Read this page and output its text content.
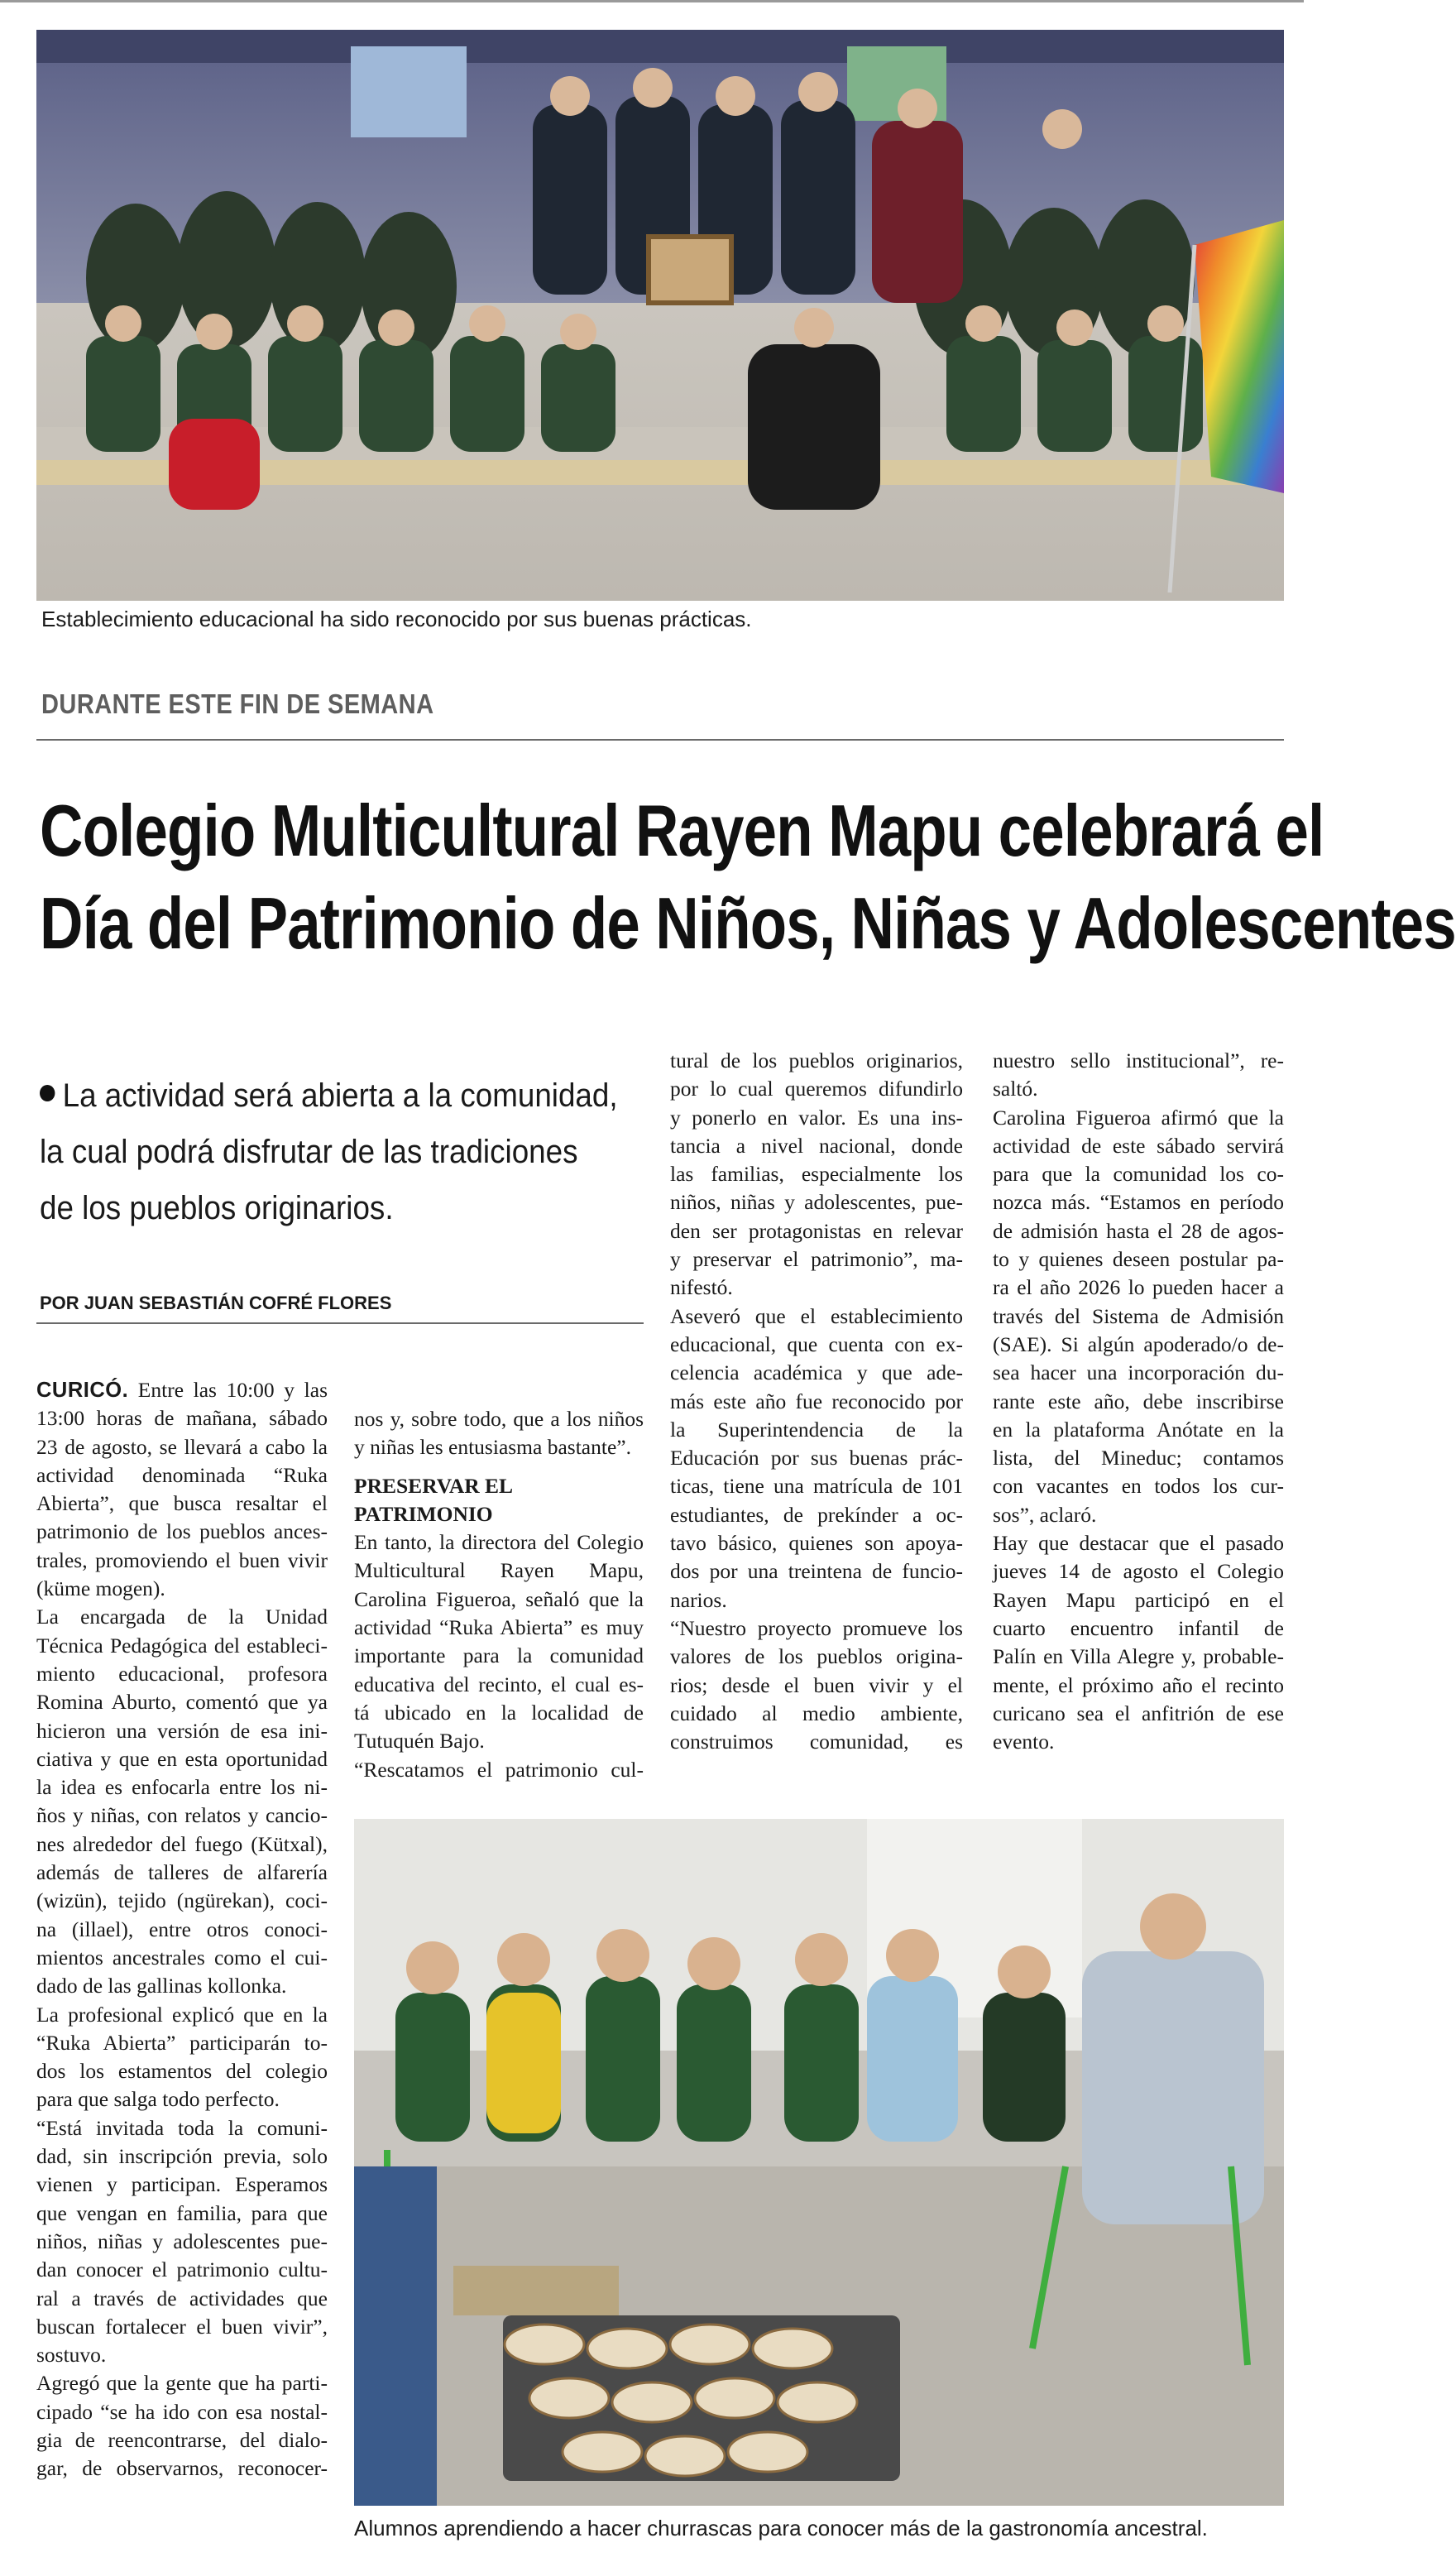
Establecimiento educacional ha sido reconocido por sus buenas prácticas.
DURANTE ESTE FIN DE SEMANA
Colegio Multicultural Rayen Mapu celebrará el
Día del Patrimonio de Niños, Niñas y Adolescentes
La actividad será abierta a la comunidad,
la cual podrá disfrutar de las tradiciones
de los pueblos originarios.
POR JUAN SEBASTIÁN COFRÉ FLORES
CURICÓ. Entre las 10:00 y las
13:00 horas de mañana, sábado
23 de agosto, se llevará a cabo la
actividad denominada “Ruka
Abierta”, que busca resaltar el
patrimonio de los pueblos ances-
trales, promoviendo el buen vivir
(küme mogen).
La encargada de la Unidad
Técnica Pedagógica del estableci-
miento educacional, profesora
Romina Aburto, comentó que ya
hicieron una versión de esa ini-
ciativa y que en esta oportunidad
la idea es enfocarla entre los ni-
ños y niñas, con relatos y cancio-
nes alrededor del fuego (Kütxal),
además de talleres de alfarería
(wizün), tejido (ngürekan), coci-
na (illael), entre otros conoci-
mientos ancestrales como el cui-
dado de las gallinas kollonka.
La profesional explicó que en la
“Ruka Abierta” participarán to-
dos los estamentos del colegio
para que salga todo perfecto.
“Está invitada toda la comuni-
dad, sin inscripción previa, solo
vienen y participan. Esperamos
que vengan en familia, para que
niños, niñas y adolescentes pue-
dan conocer el patrimonio cultu-
ral a través de actividades que
buscan fortalecer el buen vivir”,
sostuvo.
Agregó que la gente que ha parti-
cipado “se ha ido con esa nostal-
gia de reencontrarse, del dialo-
gar, de observarnos, reconocer-
nos y, sobre todo, que a los niños
y niñas les entusiasma bastante”.
PRESERVAR EL
PATRIMONIO
En tanto, la directora del Colegio
Multicultural Rayen Mapu,
Carolina Figueroa, señaló que la
actividad “Ruka Abierta” es muy
importante para la comunidad
educativa del recinto, el cual es-
tá ubicado en la localidad de
Tutuquén Bajo.
“Rescatamos el patrimonio cul-
tural de los pueblos originarios,
por lo cual queremos difundirlo
y ponerlo en valor. Es una ins-
tancia a nivel nacional, donde
las familias, especialmente los
niños, niñas y adolescentes, pue-
den ser protagonistas en relevar
y preservar el patrimonio”, ma-
nifestó.
Aseveró que el establecimiento
educacional, que cuenta con ex-
celencia académica y que ade-
más este año fue reconocido por
la Superintendencia de la
Educación por sus buenas prác-
ticas, tiene una matrícula de 101
estudiantes, de prekínder a oc-
tavo básico, quienes son apoya-
dos por una treintena de funcio-
narios.
“Nuestro proyecto promueve los
valores de los pueblos origina-
rios; desde el buen vivir y el
cuidado al medio ambiente,
construimos comunidad, es
nuestro sello institucional”, re-
saltó.
Carolina Figueroa afirmó que la
actividad de este sábado servirá
para que la comunidad los co-
nozca más. “Estamos en período
de admisión hasta el 28 de agos-
to y quienes deseen postular pa-
ra el año 2026 lo pueden hacer a
través del Sistema de Admisión
(SAE). Si algún apoderado/o de-
sea hacer una incorporación du-
rante este año, debe inscribirse
en la plataforma Anótate en la
lista, del Mineduc; contamos
con vacantes en todos los cur-
sos”, aclaró.
Hay que destacar que el pasado
jueves 14 de agosto el Colegio
Rayen Mapu participó en el
cuarto encuentro infantil de
Palín en Villa Alegre y, probable-
mente, el próximo año el recinto
curicano sea el anfitrión de ese
evento.
Alumnos aprendiendo a hacer churrascas para conocer más de la gastronomía ancestral.
